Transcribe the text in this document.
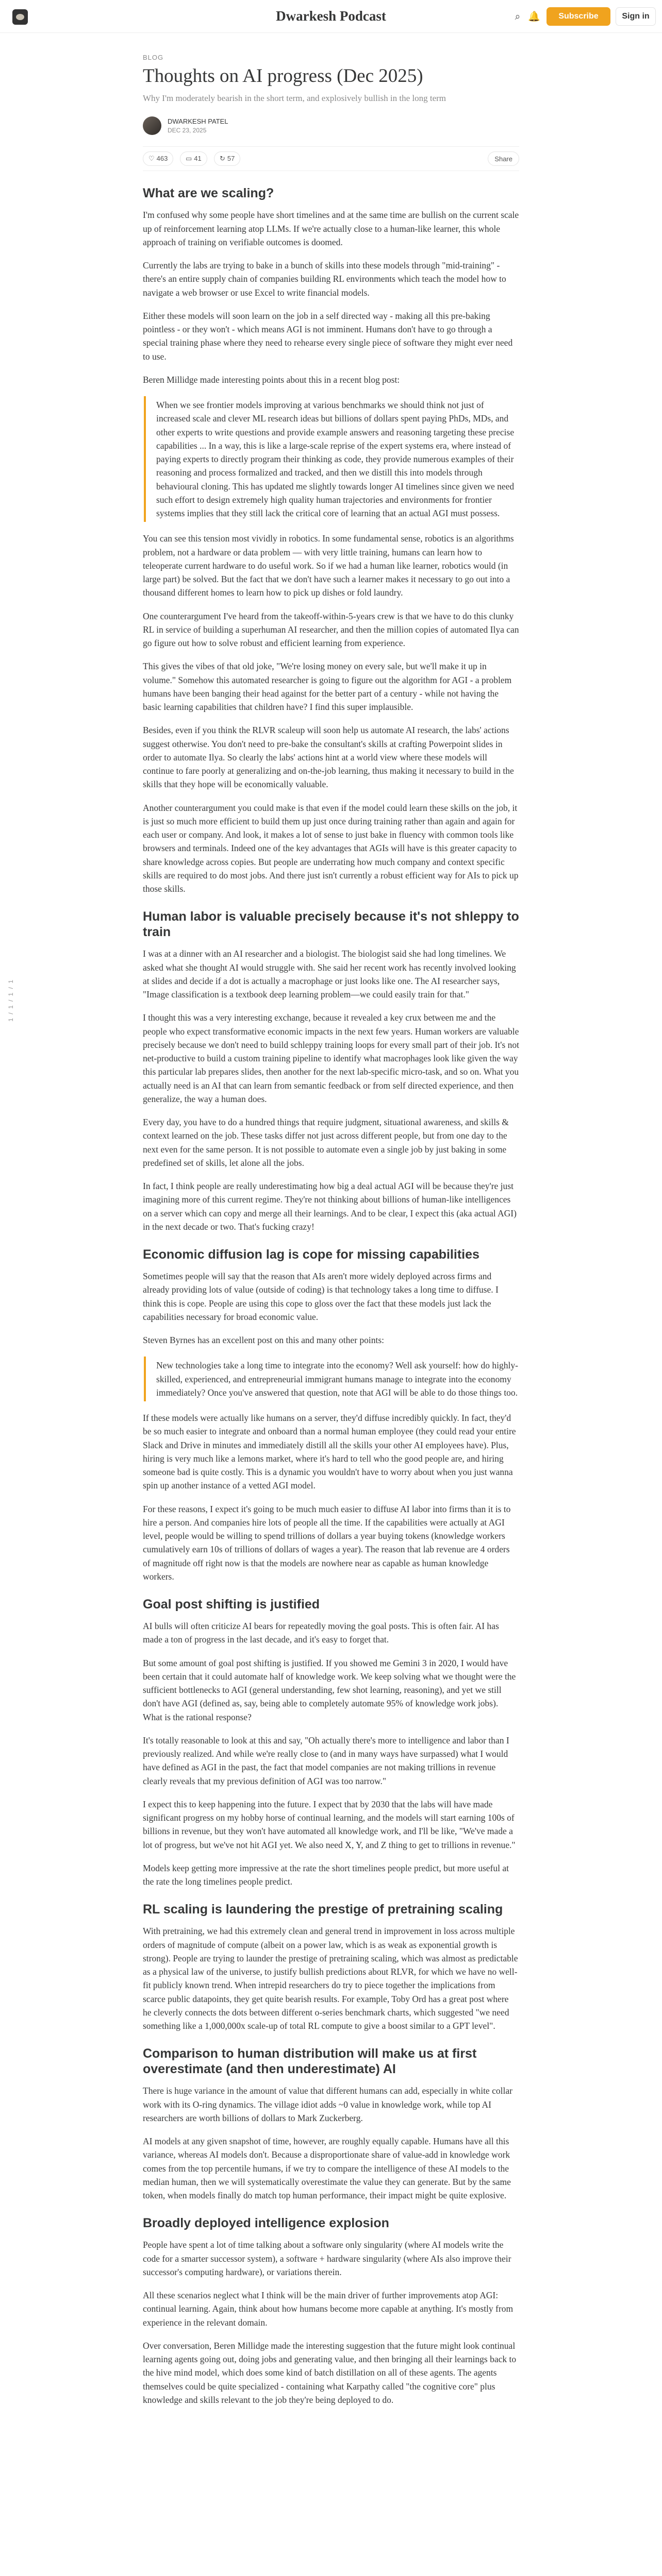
Dwarkesh Podcast	⌕ 🔔	Subscribe	Sign in
1 / 1 / 1 / 1
BLOG
Thoughts on AI progress (Dec 2025)
Why I'm moderately bearish in the short term, and explosively bullish in the long term
DWARKESH PATEL
DEC 23, 2025
♡ 463	▭ 41	↻ 57	Share
What are we scaling?

I'm confused why some people have short timelines and at the same time are bullish on the current scale up of reinforcement learning atop LLMs. If we're actually close to a human-like learner, this whole approach of training on verifiable outcomes is doomed.

Currently the labs are trying to bake in a bunch of skills into these models through "mid-training" - there's an entire supply chain of companies building RL environments which teach the model how to navigate a web browser or use Excel to write financial models.

Either these models will soon learn on the job in a self directed way - making all this pre-baking pointless - or they won't - which means AGI is not imminent. Humans don't have to go through a special training phase where they need to rehearse every single piece of software they might ever need to use.

Beren Millidge made interesting points about this in a recent blog post:

When we see frontier models improving at various benchmarks we should think not just of increased scale and clever ML research ideas but billions of dollars spent paying PhDs, MDs, and other experts to write questions and provide example answers and reasoning targeting these precise capabilities ... In a way, this is like a large-scale reprise of the expert systems era, where instead of paying experts to directly program their thinking as code, they provide numerous examples of their reasoning and process formalized and tracked, and then we distill this into models through behavioural cloning. This has updated me slightly towards longer AI timelines since given we need such effort to design extremely high quality human trajectories and environments for frontier systems implies that they still lack the critical core of learning that an actual AGI must possess.

You can see this tension most vividly in robotics. In some fundamental sense, robotics is an algorithms problem, not a hardware or data problem — with very little training, humans can learn how to teleoperate current hardware to do useful work. So if we had a human like learner, robotics would (in large part) be solved. But the fact that we don't have such a learner makes it necessary to go out into a thousand different homes to learn how to pick up dishes or fold laundry.

One counterargument I've heard from the takeoff-within-5-years crew is that we have to do this clunky RL in service of building a superhuman AI researcher, and then the million copies of automated Ilya can go figure out how to solve robust and efficient learning from experience.

This gives the vibes of that old joke, "We're losing money on every sale, but we'll make it up in volume." Somehow this automated researcher is going to figure out the algorithm for AGI - a problem humans have been banging their head against for the better part of a century - while not having the basic learning capabilities that children have? I find this super implausible.

Besides, even if you think the RLVR scaleup will soon help us automate AI research, the labs' actions suggest otherwise. You don't need to pre-bake the consultant's skills at crafting Powerpoint slides in order to automate Ilya. So clearly the labs' actions hint at a world view where these models will continue to fare poorly at generalizing and on-the-job learning, thus making it necessary to build in the skills that they hope will be economically valuable.

Another counterargument you could make is that even if the model could learn these skills on the job, it is just so much more efficient to build them up just once during training rather than again and again for each user or company. And look, it makes a lot of sense to just bake in fluency with common tools like browsers and terminals. Indeed one of the key advantages that AGIs will have is this greater capacity to share knowledge across copies. But people are underrating how much company and context specific skills are required to do most jobs. And there just isn't currently a robust efficient way for AIs to pick up those skills.

Human labor is valuable precisely because it's not shleppy to train

I was at a dinner with an AI researcher and a biologist. The biologist said she had long timelines. We asked what she thought AI would struggle with. She said her recent work has recently involved looking at slides and decide if a dot is actually a macrophage or just looks like one. The AI researcher says, "Image classification is a textbook deep learning problem—we could easily train for that."

I thought this was a very interesting exchange, because it revealed a key crux between me and the people who expect transformative economic impacts in the next few years. Human workers are valuable precisely because we don't need to build schleppy training loops for every small part of their job. It's not net-productive to build a custom training pipeline to identify what macrophages look like given the way this particular lab prepares slides, then another for the next lab-specific micro-task, and so on. What you actually need is an AI that can learn from semantic feedback or from self directed experience, and then generalize, the way a human does.

Every day, you have to do a hundred things that require judgment, situational awareness, and skills & context learned on the job. These tasks differ not just across different people, but from one day to the next even for the same person. It is not possible to automate even a single job by just baking in some predefined set of skills, let alone all the jobs.

In fact, I think people are really underestimating how big a deal actual AGI will be because they're just imagining more of this current regime. They're not thinking about billions of human-like intelligences on a server which can copy and merge all their learnings. And to be clear, I expect this (aka actual AGI) in the next decade or two. That's fucking crazy!

Economic diffusion lag is cope for missing capabilities

Sometimes people will say that the reason that AIs aren't more widely deployed across firms and already providing lots of value (outside of coding) is that technology takes a long time to diffuse. I think this is cope. People are using this cope to gloss over the fact that these models just lack the capabilities necessary for broad economic value.

Steven Byrnes has an excellent post on this and many other points:

New technologies take a long time to integrate into the economy? Well ask yourself: how do highly-skilled, experienced, and entrepreneurial immigrant humans manage to integrate into the economy immediately? Once you've answered that question, note that AGI will be able to do those things too.

If these models were actually like humans on a server, they'd diffuse incredibly quickly. In fact, they'd be so much easier to integrate and onboard than a normal human employee (they could read your entire Slack and Drive in minutes and immediately distill all the skills your other AI employees have). Plus, hiring is very much like a lemons market, where it's hard to tell who the good people are, and hiring someone bad is quite costly. This is a dynamic you wouldn't have to worry about when you just wanna spin up another instance of a vetted AGI model.

For these reasons, I expect it's going to be much much easier to diffuse AI labor into firms than it is to hire a person. And companies hire lots of people all the time. If the capabilities were actually at AGI level, people would be willing to spend trillions of dollars a year buying tokens (knowledge workers cumulatively earn 10s of trillions of dollars of wages a year). The reason that lab revenue are 4 orders of magnitude off right now is that the models are nowhere near as capable as human knowledge workers.

Goal post shifting is justified

AI bulls will often criticize AI bears for repeatedly moving the goal posts. This is often fair. AI has made a ton of progress in the last decade, and it's easy to forget that.

But some amount of goal post shifting is justified. If you showed me Gemini 3 in 2020, I would have been certain that it could automate half of knowledge work. We keep solving what we thought were the sufficient bottlenecks to AGI (general understanding, few shot learning, reasoning), and yet we still don't have AGI (defined as, say, being able to completely automate 95% of knowledge work jobs). What is the rational response?

It's totally reasonable to look at this and say, "Oh actually there's more to intelligence and labor than I previously realized. And while we're really close to (and in many ways have surpassed) what I would have defined as AGI in the past, the fact that model companies are not making trillions in revenue clearly reveals that my previous definition of AGI was too narrow."

I expect this to keep happening into the future. I expect that by 2030 that the labs will have made significant progress on my hobby horse of continual learning, and the models will start earning 100s of billions in revenue, but they won't have automated all knowledge work, and I'll be like, "We've made a lot of progress, but we've not hit AGI yet. We also need X, Y, and Z thing to get to trillions in revenue."

Models keep getting more impressive at the rate the short timelines people predict, but more useful at the rate the long timelines people predict.

RL scaling is laundering the prestige of pretraining scaling

With pretraining, we had this extremely clean and general trend in improvement in loss across multiple orders of magnitude of compute (albeit on a power law, which is as weak as exponential growth is strong). People are trying to launder the prestige of pretraining scaling, which was almost as predictable as a physical law of the universe, to justify bullish predictions about RLVR, for which we have no well-fit publicly known trend. When intrepid researchers do try to piece together the implications from scarce public datapoints, they get quite bearish results. For example, Toby Ord has a great post where he cleverly connects the dots between different o-series benchmark charts, which suggested "we need something like a 1,000,000x scale-up of total RL compute to give a boost similar to a GPT level".

Comparison to human distribution will make us at first overestimate (and then underestimate) AI

There is huge variance in the amount of value that different humans can add, especially in white collar work with its O-ring dynamics. The village idiot adds ~0 value in knowledge work, while top AI researchers are worth billions of dollars to Mark Zuckerberg.

AI models at any given snapshot of time, however, are roughly equally capable. Humans have all this variance, whereas AI models don't. Because a disproportionate share of value-add in knowledge work comes from the top percentile humans, if we try to compare the intelligence of these AI models to the median human, then we will systematically overestimate the value they can generate. But by the same token, when models finally do match top human performance, their impact might be quite explosive.

Broadly deployed intelligence explosion

People have spent a lot of time talking about a software only singularity (where AI models write the code for a smarter successor system), a software + hardware singularity (where AIs also improve their successor's computing hardware), or variations therein.

All these scenarios neglect what I think will be the main driver of further improvements atop AGI: continual learning. Again, think about how humans become more capable at anything. It's mostly from experience in the relevant domain.

Over conversation, Beren Millidge made the interesting suggestion that the future might look continual learning agents going out, doing jobs and generating value, and then bringing all their learnings back to the hive mind model, which does some kind of batch distillation on all of these agents. The agents themselves could be quite specialized - containing what Karpathy called "the cognitive core" plus knowledge and skills relevant to the job they're being deployed to do.
